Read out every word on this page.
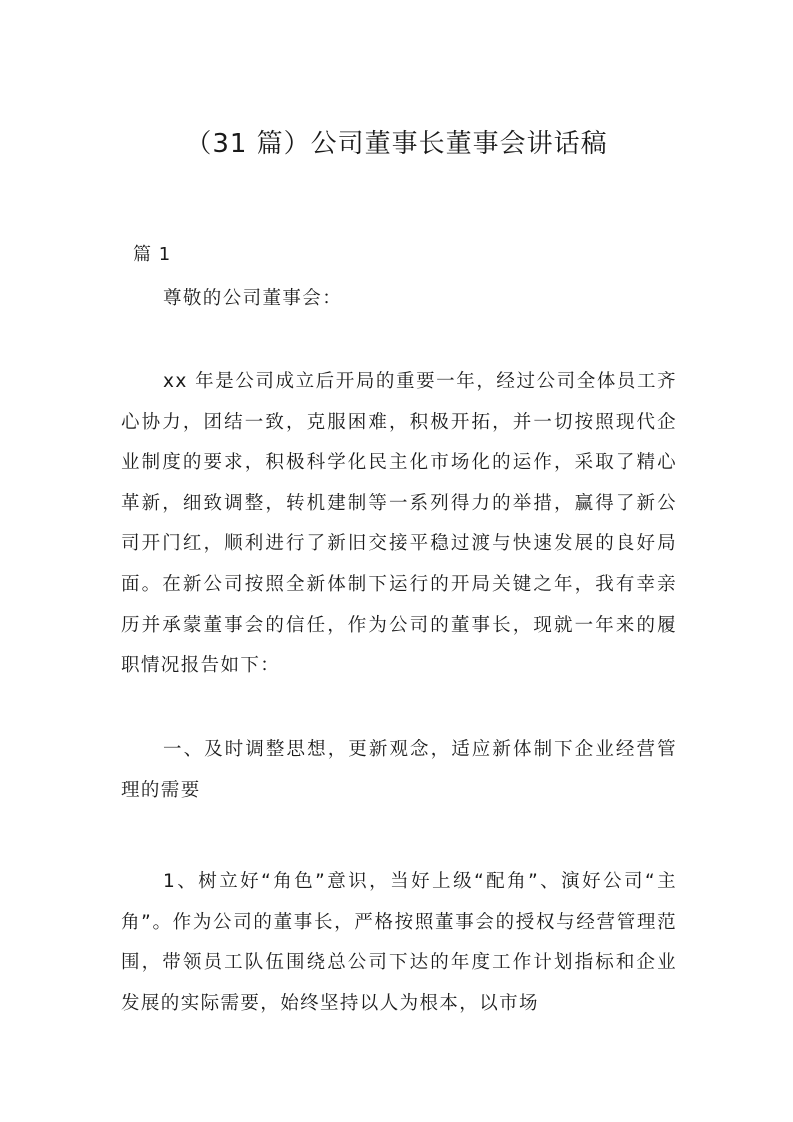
（31 篇）公司董事长董事会讲话稿
篇 1

尊敬的公司董事会：

xx 年是公司成立后开局的重要一年，经过公司全体员工齐心协力，团结一致，克服困难，积极开拓，并一切按照现代企业制度的要求，积极科学化民主化市场化的运作，采取了精心革新，细致调整，转机建制等一系列得力的举措，赢得了新公司开门红，顺利进行了新旧交接平稳过渡与快速发展的良好局面。在新公司按照全新体制下运行的开局关键之年，我有幸亲历并承蒙董事会的信任，作为公司的董事长，现就一年来的履职情况报告如下：

一、及时调整思想，更新观念，适应新体制下企业经营管理的需要

1、树立好“角色”意识，当好上级“配角”、演好公司“主角”。作为公司的董事长，严格按照董事会的授权与经营管理范围，带领员工队伍围绕总公司下达的年度工作计划指标和企业发展的实际需要，始终坚持以人为根本，以市场
